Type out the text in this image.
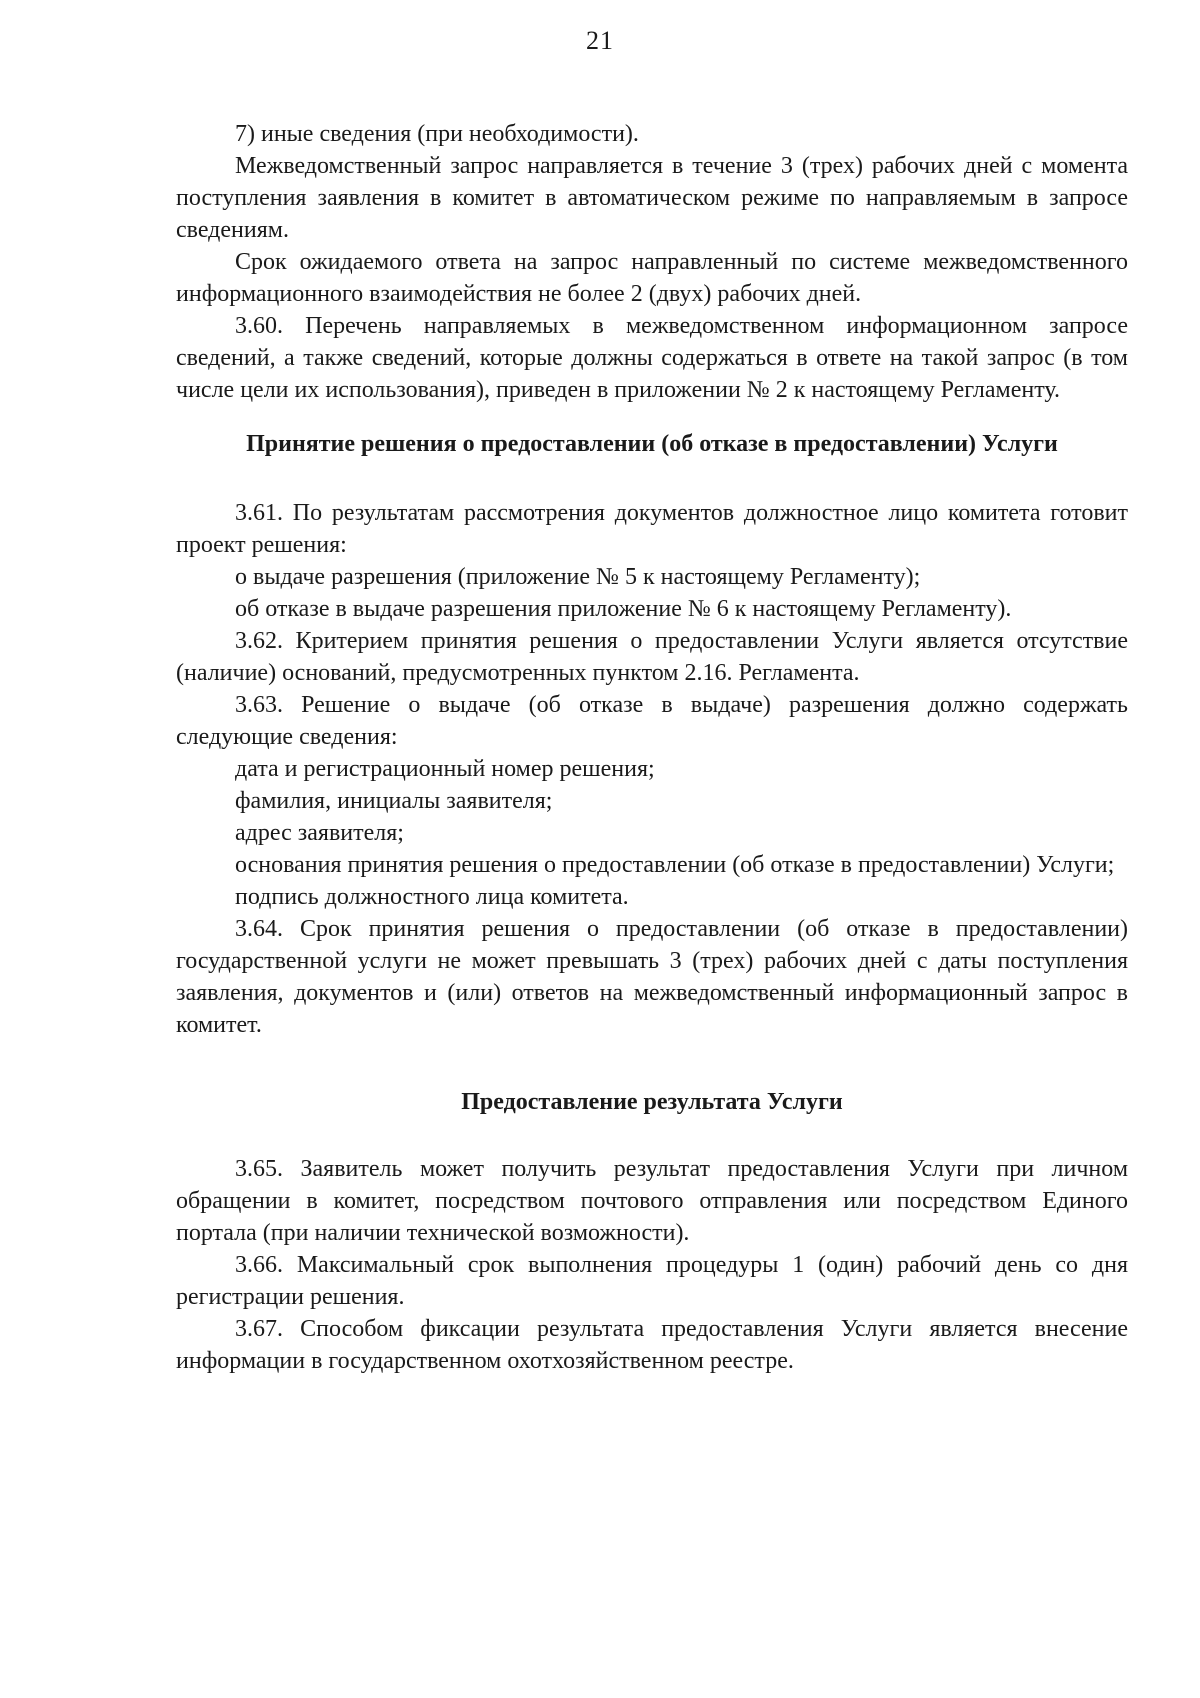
21

7) иные сведения (при необходимости).

Межведомственный запрос направляется в течение 3 (трех) рабочих дней с момента поступления заявления в комитет в автоматическом режиме по направляемым в запросе сведениям.

Срок ожидаемого ответа на запрос направленный по системе межведомственного информационного взаимодействия не более 2 (двух) рабочих дней.

3.60. Перечень направляемых в межведомственном информационном запросе сведений, а также сведений, которые должны содержаться в ответе на такой запрос (в том числе цели их использования), приведен в приложении № 2 к настоящему Регламенту.

Принятие решения о предоставлении (об отказе в предоставлении) Услуги

3.61. По результатам рассмотрения документов должностное лицо комитета готовит проект решения:

о выдаче разрешения (приложение № 5 к настоящему Регламенту);

об отказе в выдаче разрешения приложение № 6 к настоящему Регламенту).

3.62. Критерием принятия решения о предоставлении Услуги является отсутствие (наличие) оснований, предусмотренных пунктом 2.16. Регламента.

3.63. Решение о выдаче (об отказе в выдаче) разрешения должно содержать следующие сведения:

дата и регистрационный номер решения;

фамилия, инициалы заявителя;

адрес заявителя;

основания принятия решения о предоставлении (об отказе в предоставлении) Услуги;

подпись должностного лица комитета.

3.64. Срок принятия решения о предоставлении (об отказе в предоставлении) государственной услуги не может превышать 3 (трех) рабочих дней с даты поступления заявления, документов и (или) ответов на межведомственный информационный запрос в комитет.

Предоставление результата Услуги

3.65. Заявитель может получить результат предоставления Услуги при личном обращении в комитет, посредством почтового отправления или посредством Единого портала (при наличии технической возможности).

3.66. Максимальный срок выполнения процедуры 1 (один) рабочий день со дня регистрации решения.

3.67. Способом фиксации результата предоставления Услуги является внесение информации в государственном охотхозяйственном реестре.
